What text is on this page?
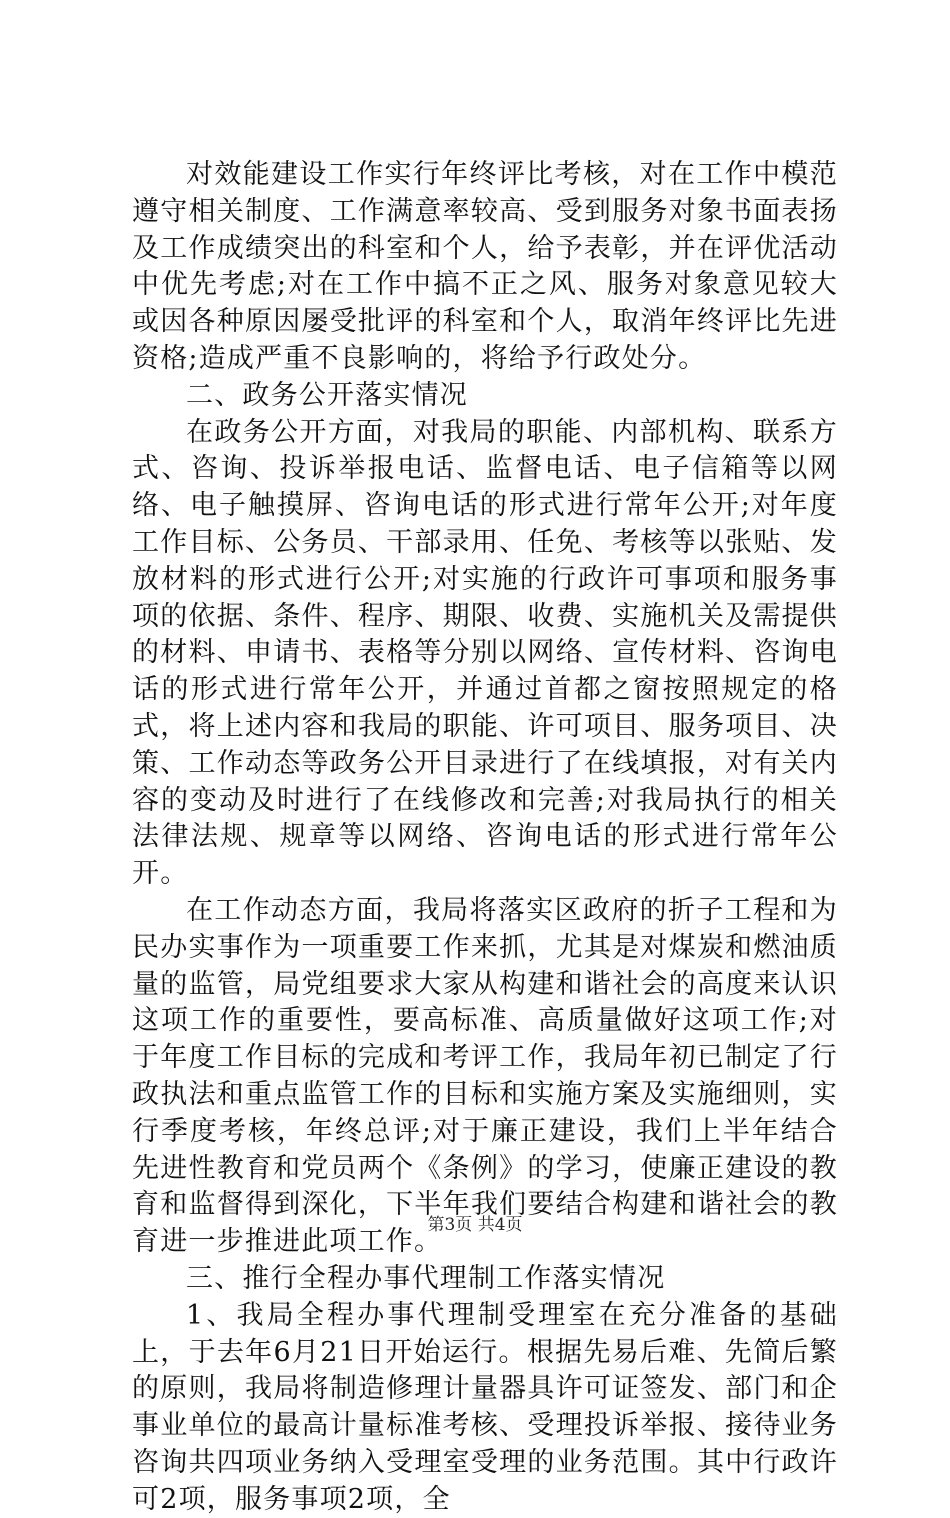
对效能建设工作实行年终评比考核，对在工作中模范遵守相关制度、工作满意率较高、受到服务对象书面表扬及工作成绩突出的科室和个人，给予表彰，并在评优活动中优先考虑;对在工作中搞不正之风、服务对象意见较大或因各种原因屡受批评的科室和个人，取消年终评比先进资格;造成严重不良影响的，将给予行政处分。

二、政务公开落实情况

在政务公开方面，对我局的职能、内部机构、联系方式、咨询、投诉举报电话、监督电话、电子信箱等以网络、电子触摸屏、咨询电话的形式进行常年公开;对年度工作目标、公务员、干部录用、任免、考核等以张贴、发放材料的形式进行公开;对实施的行政许可事项和服务事项的依据、条件、程序、期限、收费、实施机关及需提供的材料、申请书、表格等分别以网络、宣传材料、咨询电话的形式进行常年公开，并通过首都之窗按照规定的格式，将上述内容和我局的职能、许可项目、服务项目、决策、工作动态等政务公开目录进行了在线填报，对有关内容的变动及时进行了在线修改和完善;对我局执行的相关法律法规、规章等以网络、咨询电话的形式进行常年公开。

在工作动态方面，我局将落实区政府的折子工程和为民办实事作为一项重要工作来抓，尤其是对煤炭和燃油质量的监管，局党组要求大家从构建和谐社会的高度来认识这项工作的重要性，要高标准、高质量做好这项工作;对于年度工作目标的完成和考评工作，我局年初已制定了行政执法和重点监管工作的目标和实施方案及实施细则，实行季度考核，年终总评;对于廉正建设，我们上半年结合先进性教育和党员两个《条例》的学习，使廉正建设的教育和监督得到深化，下半年我们要结合构建和谐社会的教育进一步推进此项工作。

三、推行全程办事代理制工作落实情况

1、我局全程办事代理制受理室在充分准备的基础上，于去年6月21日开始运行。根据先易后难、先简后繁的原则，我局将制造修理计量器具许可证签发、部门和企事业单位的最高计量标准考核、受理投诉举报、接待业务咨询共四项业务纳入受理室受理的业务范围。其中行政许可2项，服务事项2项，全

第3页 共4页
